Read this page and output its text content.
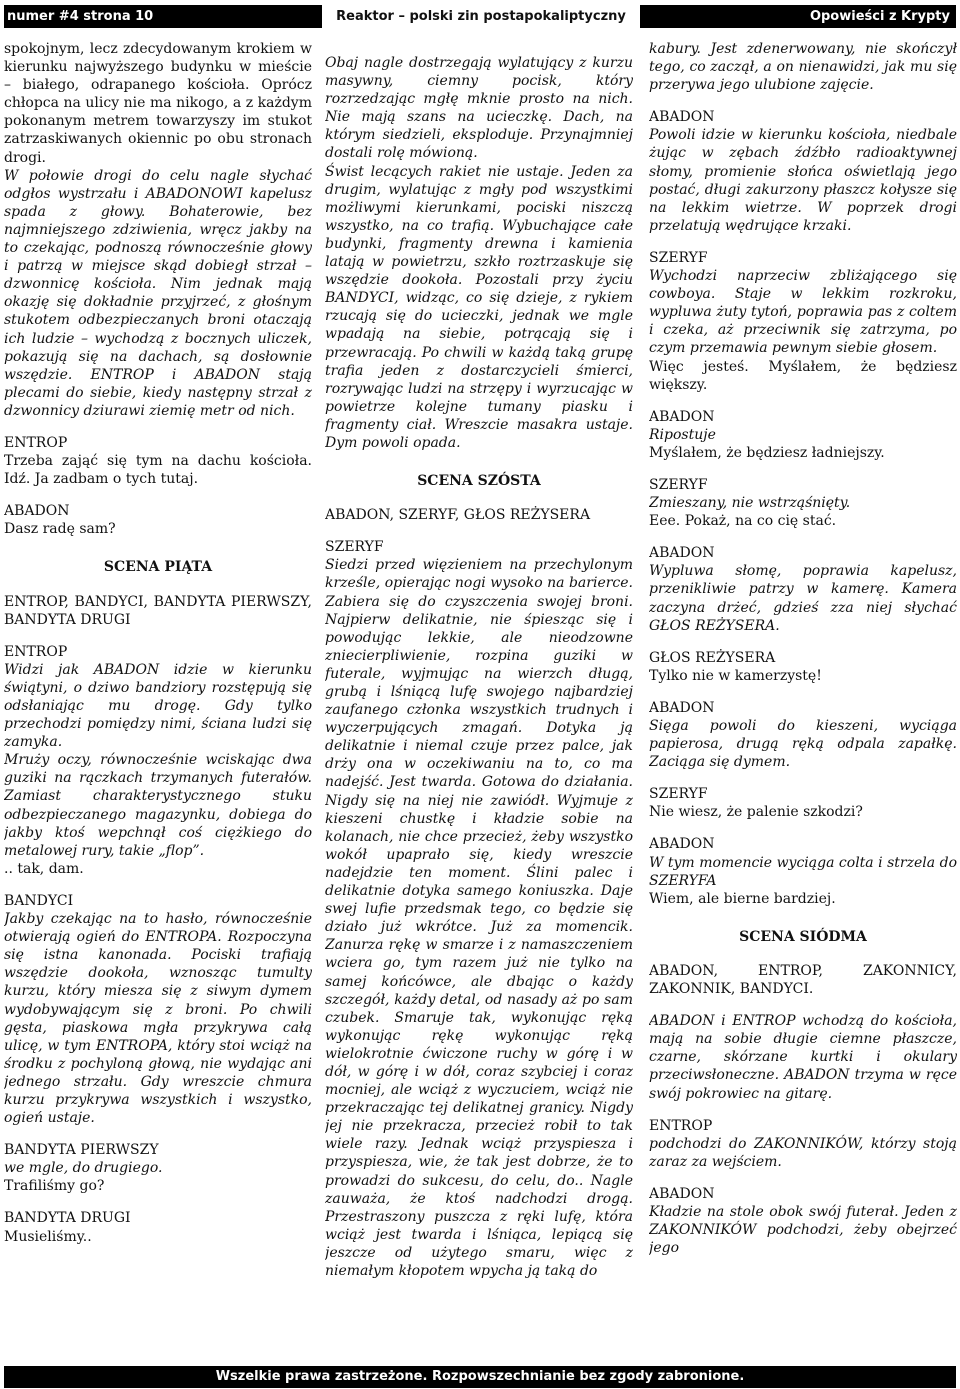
numer #4 strona 10	Reaktor – polski zin postapokaliptyczny	Opowieści z Krypty

spokojnym, lecz zdecydowanym krokiem w kierunku najwyższego budynku w mieście – białego, odrapanego kościoła. Oprócz chłopca na ulicy nie ma nikogo, a z każdym pokonanym metrem towarzyszy im stukot zatrzaskiwanych okiennic po obu stronach drogi.

W połowie drogi do celu nagle słychać odgłos wystrzału i ABADONOWI kapelusz spada z głowy. Bohaterowie, bez najmniejszego zdziwienia, wręcz jakby na to czekając, podnoszą równocześnie głowy i patrzą w miejsce skąd dobiegł strzał – dzwonnicę kościoła. Nim jednak mają okazję się dokładnie przyjrzeć, z głośnym stukotem odbezpieczanych broni otaczają ich ludzie – wychodzą z bocznych uliczek, pokazują się na dachach, są dosłownie wszędzie. ENTROP i ABADON stają plecami do siebie, kiedy następny strzał z dzwonnicy dziurawi ziemię metr od nich.

ENTROP

Trzeba zająć się tym na dachu kościoła. Idź. Ja zadbam o tych tutaj.

ABADON

Dasz radę sam?

SCENA PIĄTA

ENTROP, BANDYCI, BANDYTA PIERWSZY, BANDYTA DRUGI

ENTROP

Widzi jak ABADON idzie w kierunku świątyni, o dziwo bandziory rozstępują się odsłaniając mu drogę. Gdy tylko przechodzi pomiędzy nimi, ściana ludzi się zamyka.

Mruży oczy, równocześnie wciskając dwa guziki na rączkach trzymanych futerałów. Zamiast charakterystycznego stuku odbezpieczanego magazynku, dobiega do jakby ktoś wepchnął coś ciężkiego do metalowej rury, takie „flop”.

.. tak, dam.

BANDYCI

Jakby czekając na to hasło, równocześnie otwierają ogień do ENTROPA. Rozpoczyna się istna kanonada. Pociski trafiają wszędzie dookoła, wznosząc tumulty kurzu, który miesza się z siwym dymem wydobywającym się z broni. Po chwili gęsta, piaskowa mgła przykrywa całą ulicę, w tym ENTROPA, który stoi wciąż na środku z pochyloną głową, nie wydając ani jednego strzału. Gdy wreszcie chmura kurzu przykrywa wszystkich i wszystko, ogień ustaje.

BANDYTA PIERWSZY

we mgle, do drugiego.

Trafiliśmy go?

BANDYTA DRUGI

Musieliśmy..

Obaj nagle dostrzegają wylatujący z kurzu masywny, ciemny pocisk, który rozrzedzając mgłę mknie prosto na nich. Nie mają szans na ucieczkę. Dach, na którym siedzieli, eksploduje. Przynajmniej dostali rolę mówioną.

Świst lecących rakiet nie ustaje. Jeden za drugim, wylatując z mgły pod wszystkimi możliwymi kierunkami, pociski niszczą wszystko, na co trafią. Wybuchające całe budynki, fragmenty drewna i kamienia latają w powietrzu, szkło roztrzaskuje się wszędzie dookoła. Pozostali przy życiu BANDYCI, widząc, co się dzieje, z rykiem rzucają się do ucieczki, jednak we mgle wpadają na siebie, potrącają się i przewracają. Po chwili w każdą taką grupę trafia jeden z dostarczycieli śmierci, rozrywając ludzi na strzępy i wyrzucając w powietrze kolejne tumany piasku i fragmenty ciał. Wreszcie masakra ustaje. Dym powoli opada.

SCENA SZÓSTA

ABADON, SZERYF, GŁOS REŻYSERA

SZERYF

Siedzi przed więzieniem na przechylonym krześle, opierając nogi wysoko na barierce. Zabiera się do czyszczenia swojej broni. Najpierw delikatnie, nie śpiesząc się i powodując lekkie, ale nieodzowne zniecierpliwienie, rozpina guziki w futerale, wyjmując na wierzch długą, grubą i lśniącą lufę swojego najbardziej zaufanego członka wszystkich trudnych i wyczerpujących zmagań. Dotyka ją delikatnie i niemal czuje przez palce, jak drży ona w oczekiwaniu na to, co ma nadejść. Jest twarda. Gotowa do działania. Nigdy się na niej nie zawiódł. Wyjmuje z kieszeni chustkę i kładzie sobie na kolanach, nie chce przecież, żeby wszystko wokół upaprało się, kiedy wreszcie nadejdzie ten moment. Ślini palec i delikatnie dotyka samego koniuszka. Daje swej lufie przedsmak tego, co będzie się działo już wkrótce. Już za momencik. Zanurza rękę w smarze i z namaszczeniem wciera go, tym razem już nie tylko na samej końcówce, ale dbając o każdy szczegół, każdy detal, od nasady aż po sam czubek. Smaruje tak, wykonując ręką wykonując rękę wykonując ręką wielokrotnie ćwiczone ruchy w górę i w dół, w górę i w dół, coraz szybciej i coraz mocniej, ale wciąż z wyczuciem, wciąż nie przekraczając tej delikatnej granicy. Nigdy jej nie przekracza, przecież robił to tak wiele razy. Jednak wciąż przyspiesza i przyspiesza, wie, że tak jest dobrze, że to prowadzi do sukcesu, do celu, do.. Nagle zauważa, że ktoś nadchodzi drogą. Przestraszony puszcza z ręki lufę, która wciąż jest twarda i lśniąca, lepiącą się jeszcze od użytego smaru, więc z niemałym kłopotem wpycha ją taką do

kabury. Jest zdenerwowany, nie skończył tego, co zaczął, a on nienawidzi, jak mu się przerywa jego ulubione zajęcie.

ABADON

Powoli idzie w kierunku kościoła, niedbale żując w zębach źdźbło radioaktywnej słomy, promienie słońca oświetlają jego postać, długi zakurzony płaszcz kołysze się na lekkim wietrze. W poprzek drogi przelatują wędrujące krzaki.

SZERYF

Wychodzi naprzeciw zbliżającego się cowboya. Staje w lekkim rozkroku, wypluwa żuty tytoń, poprawia pas z coltem i czeka, aż przeciwnik się zatrzyma, po czym przemawia pewnym siebie głosem.

Więc jesteś. Myślałem, że będziesz większy.

ABADON

Ripostuje

Myślałem, że będziesz ładniejszy.

SZERYF

Zmieszany, nie wstrząśnięty.

Eee. Pokaż, na co cię stać.

ABADON

Wypluwa słomę, poprawia kapelusz, przenikliwie patrzy w kamerę. Kamera zaczyna drżeć, gdzieś zza niej słychać GŁOS REŻYSERA.

GŁOS REŻYSERA

Tylko nie w kamerzystę!

ABADON

Sięga powoli do kieszeni, wyciąga papierosa, drugą ręką odpala zapałkę. Zaciąga się dymem.

SZERYF

Nie wiesz, że palenie szkodzi?

ABADON

W tym momencie wyciąga colta i strzela do SZERYFA

Wiem, ale bierne bardziej.

SCENA SIÓDMA

ABADON, ENTROP, ZAKONNICY, ZAKONNIK, BANDYCI.

ABADON i ENTROP wchodzą do kościoła, mają na sobie długie ciemne płaszcze, czarne, skórzane kurtki i okulary przeciwsłoneczne. ABADON trzyma w ręce swój pokrowiec na gitarę.

ENTROP

podchodzi do ZAKONNIKÓW, którzy stoją zaraz za wejściem.

ABADON

Kładzie na stole obok swój futerał. Jeden z ZAKONNIKÓW podchodzi, żeby obejrzeć jego

Wszelkie prawa zastrzeżone. Rozpowszechnianie bez zgody zabronione.
